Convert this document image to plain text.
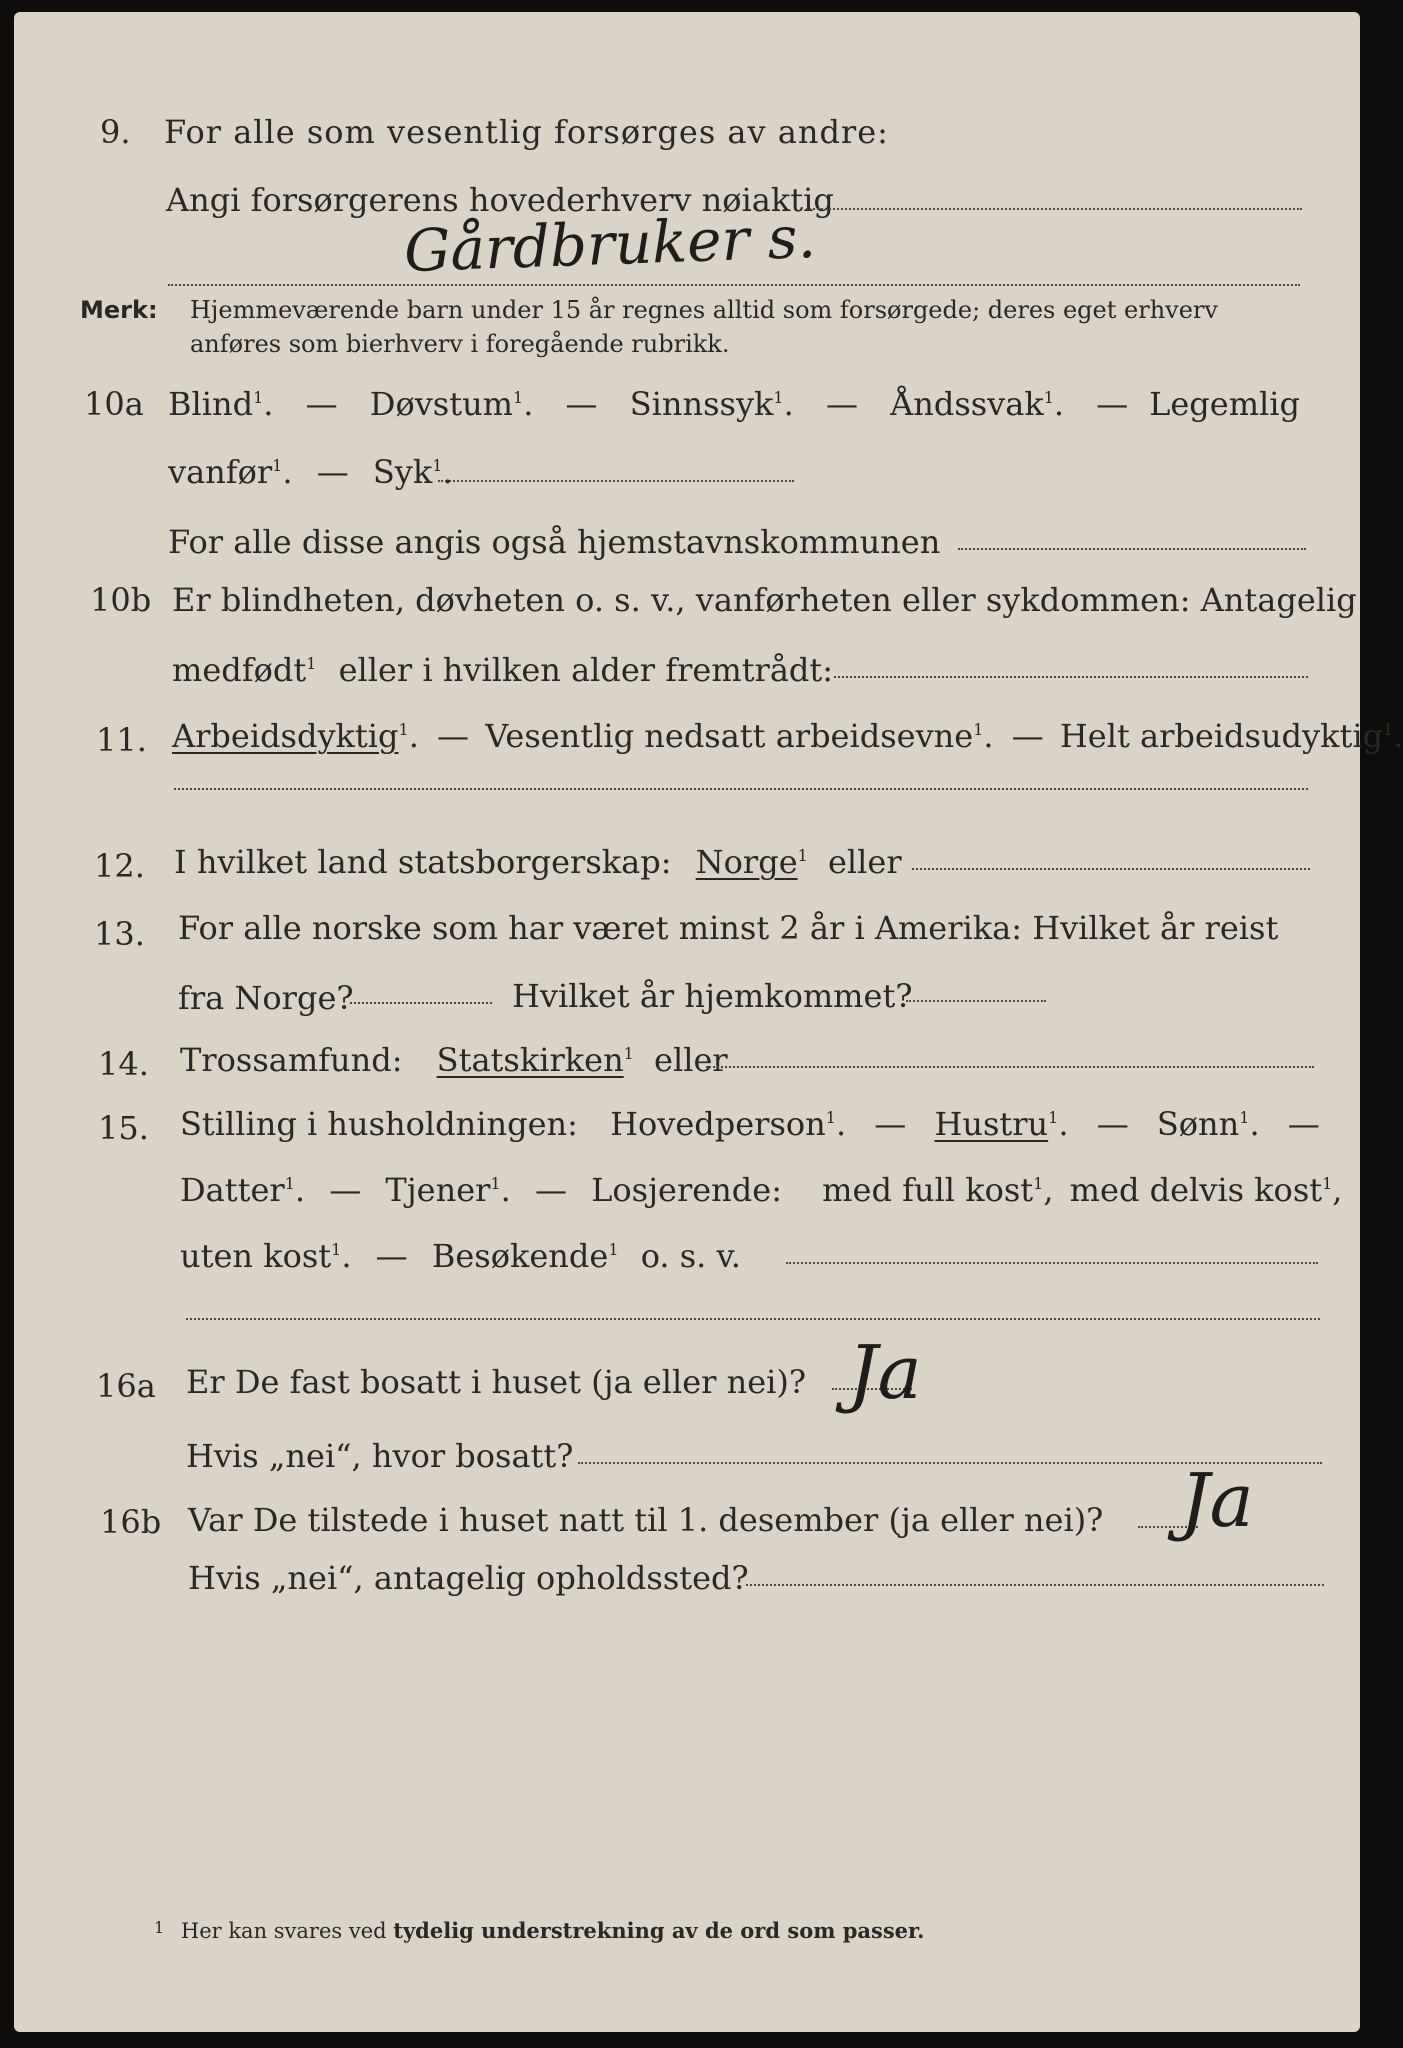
9. For alle som vesentlig forsørges av andre:
Angi forsørgerens hovederhverv nøiaktig
Gårdbruker s.
Merk: Hjemmeværende barn under 15 år regnes alltid som forsørgede; deres eget erhverv
anføres som bierhverv i foregående rubrikk.
10a Blind$^1$. — Døvstum$^1$. — Sinnssyk$^1$. — Åndssvak$^1$. — Legemlig
vanfør$^1$. — Syk$^1$.
For alle disse angis også hjemstavnskommunen
10b Er blindheten, døvheten o. s. v., vanførheten eller sykdommen: Antagelig
medfødt$^1$ eller i hvilken alder fremtrådt:
11. Arbeidsdyktig$^1$. — Vesentlig nedsatt arbeidsevne$^1$. — Helt arbeidsudyktig$^1$.
12. I hvilket land statsborgerskap: Norge$^1$ eller
13. For alle norske som har været minst 2 år i Amerika: Hvilket år reist
fra Norge?	Hvilket år hjemkommet?
14. Trossamfund: Statskirken$^1$ eller
15. Stilling i husholdningen: Hovedperson$^1$. — Hustru$^1$. — Sønn$^1$. —
Datter$^1$. — Tjener$^1$. — Losjerende: med full kost$^1$, med delvis kost$^1$,
uten kost$^1$. — Besøkende$^1$ o. s. v.
16a Er De fast bosatt i huset (ja eller nei)? Ja
Hvis „nei“, hvor bosatt?
16b Var De tilstede i huset natt til 1. desember (ja eller nei)? Ja
Hvis „nei“, antagelig opholdssted?
$^1$ Her kan svares ved tydelig understrekning av de ord som passer.
